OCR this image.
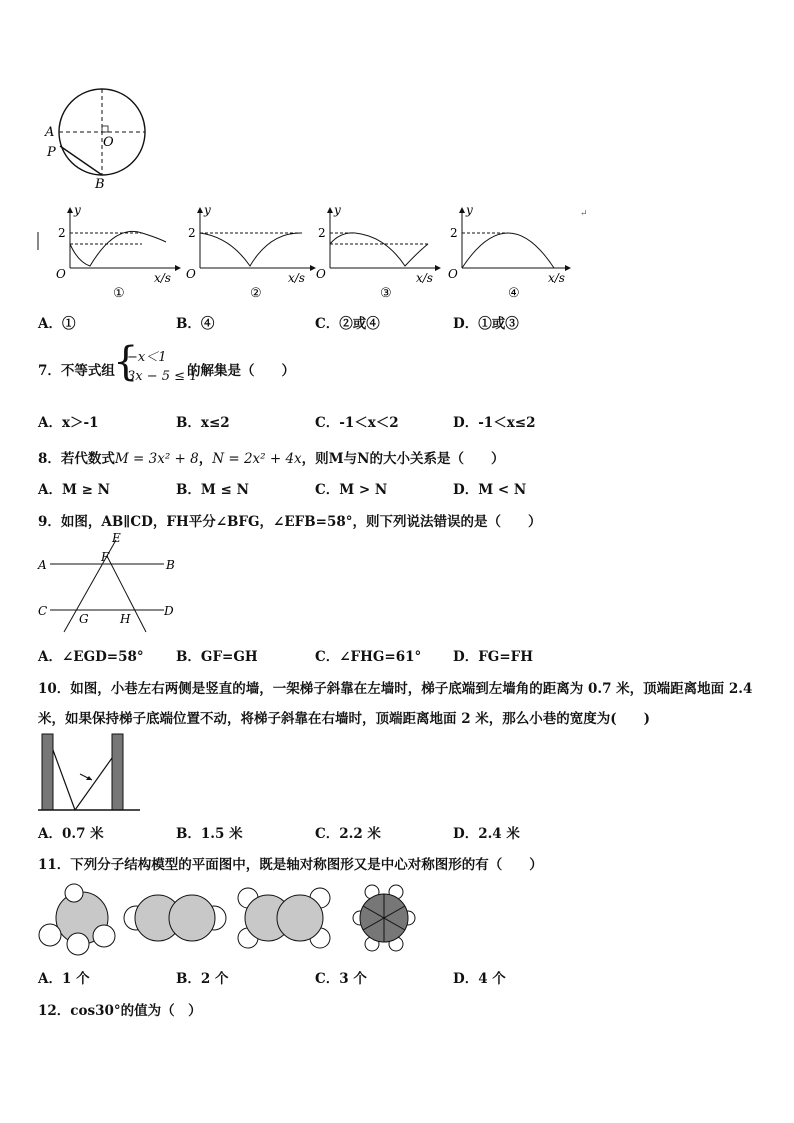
A
P
O
B
y
2
O	x/s
①
y
2
O	x/s
②
y
2
O	x/s
③
y
2
O	x/s
④
↵
A．①	B．④	C．②或④	D．①或③
7．不等式组
{
−x＜1
3x − 5 ≤ 1
的解集是（　　）
A．x＞-1	B．x≤2	C．-1＜x＜2	D．-1＜x≤2
8．若代数式M = 3x² + 8，N = 2x² + 4x，则M与N的大小关系是（　　）
A．M ≥ N	B．M ≤ N	C．M > N	D．M < N
9．如图，AB∥CD，FH平分∠BFG，∠EFB=58°，则下列说法错误的是（　　）
A	B
C	D
E
F
G	H
A．∠EGD=58° B．GF=GH	C．∠FHG=61° D．FG=FH
10．如图，小巷左右两侧是竖直的墙，一架梯子斜靠在左墙时，梯子底端到左墙角的距离为 0.7 米，顶端距离地面 2.4
米，如果保持梯子底端位置不动，将梯子斜靠在右墙时，顶端距离地面 2 米，那么小巷的宽度为(　　)
A．0.7 米	B．1.5 米	C．2.2 米	D．2.4 米
11．下列分子结构模型的平面图中，既是轴对称图形又是中心对称图形的有（　　）
A．1 个	B．2 个	C．3 个	D．4 个
12．cos30°的值为（　）
